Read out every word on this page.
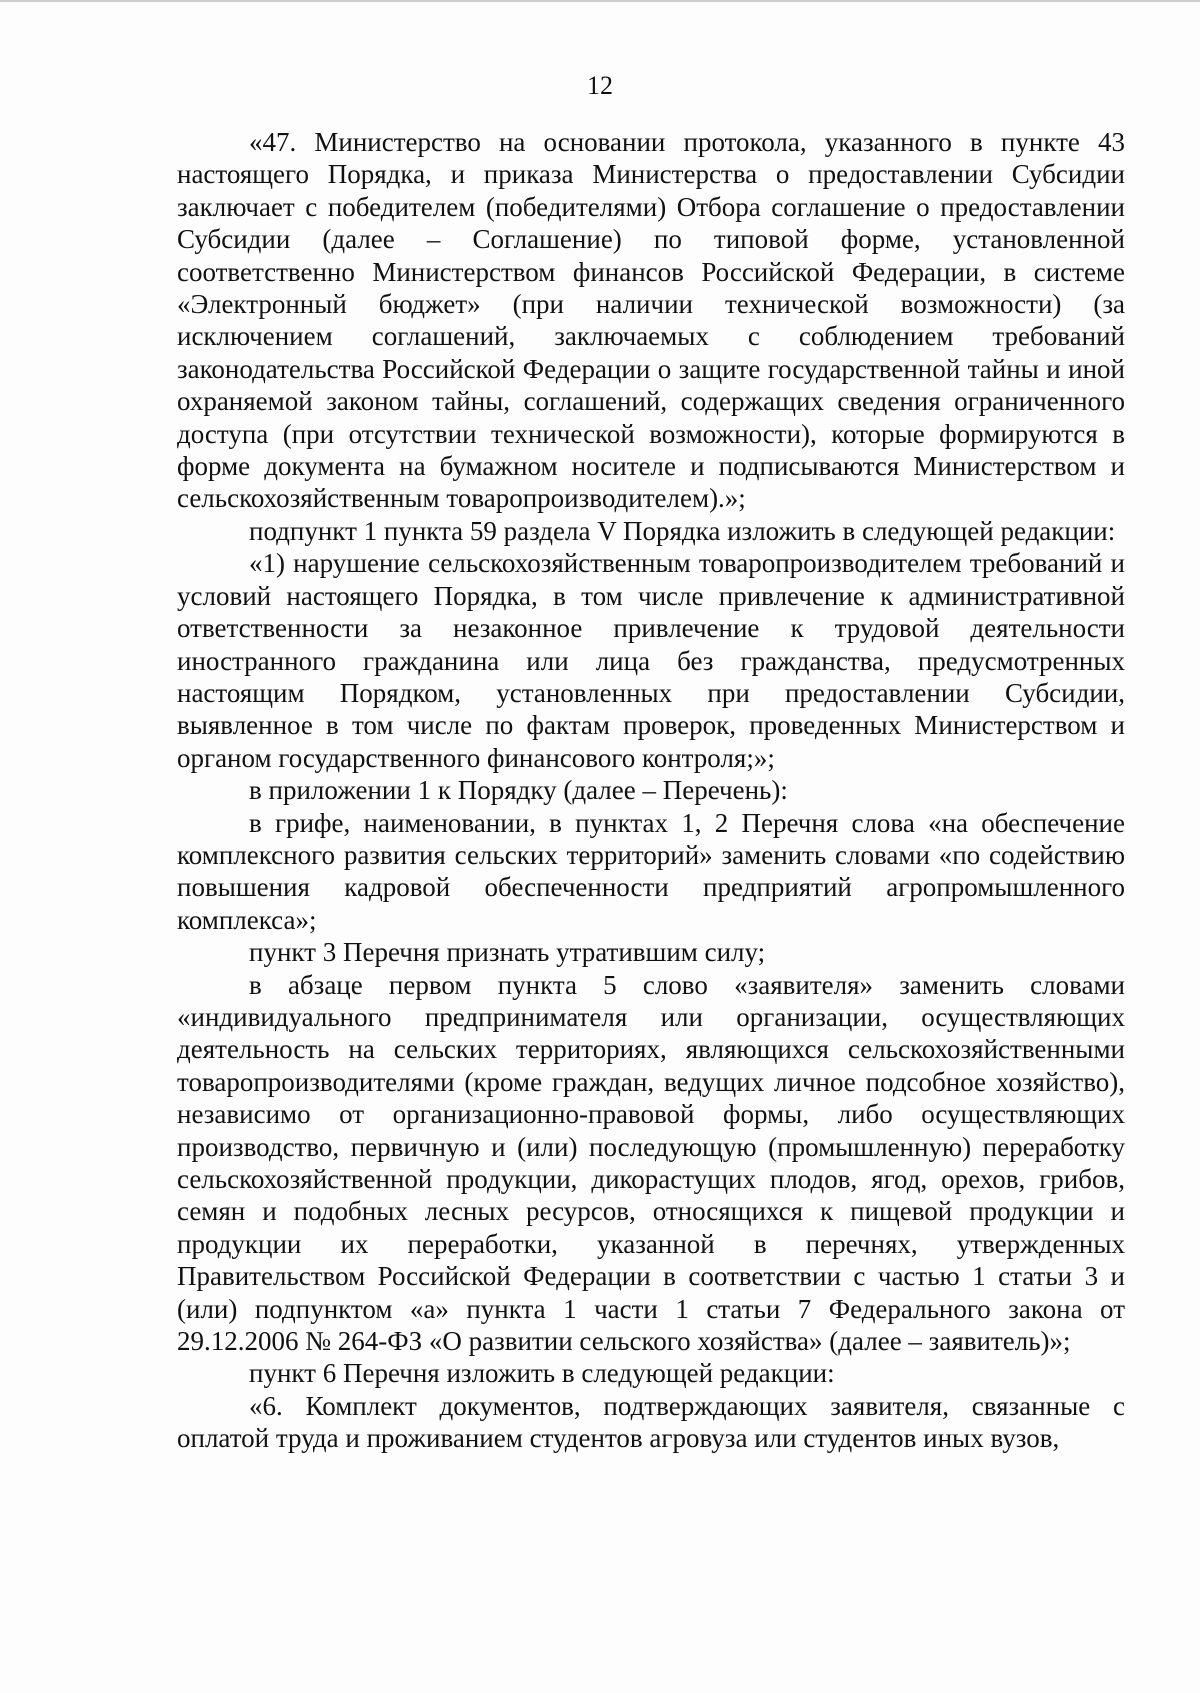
12

«47. Министерство на основании протокола, указанного в пункте 43 настоящего Порядка, и приказа Министерства о предоставлении Субсидии заключает с победителем (победителями) Отбора соглашение о предоставлении Субсидии (далее – Соглашение) по типовой форме, установленной соответственно Министерством финансов Российской Федерации, в системе «Электронный бюджет» (при наличии технической возможности) (за исключением соглашений, заключаемых с соблюдением требований законодательства Российской Федерации о защите государственной тайны и иной охраняемой законом тайны, соглашений, содержащих сведения ограниченного доступа (при отсутствии технической возможности), которые формируются в форме документа на бумажном носителе и подписываются Министерством и сельскохозяйственным товаропроизводителем).»;

подпункт 1 пункта 59 раздела V Порядка изложить в следующей редакции:

«1) нарушение сельскохозяйственным товаропроизводителем требований и условий настоящего Порядка, в том числе привлечение к административной ответственности за незаконное привлечение к трудовой деятельности иностранного гражданина или лица без гражданства, предусмотренных настоящим Порядком, установленных при предоставлении Субсидии, выявленное в том числе по фактам проверок, проведенных Министерством и органом государственного финансового контроля;»;

в приложении 1 к Порядку (далее – Перечень):

в грифе, наименовании, в пунктах 1, 2 Перечня слова «на обеспечение комплексного развития сельских территорий» заменить словами «по содействию повышения кадровой обеспеченности предприятий агропромышленного комплекса»;

пункт 3 Перечня признать утратившим силу;

в абзаце первом пункта 5 слово «заявителя» заменить словами «индивидуального предпринимателя или организации, осуществляющих деятельность на сельских территориях, являющихся сельскохозяйственными товаропроизводителями (кроме граждан, ведущих личное подсобное хозяйство), независимо от организационно-правовой формы, либо осуществляющих производство, первичную и (или) последующую (промышленную) переработку сельскохозяйственной продукции, дикорастущих плодов, ягод, орехов, грибов, семян и подобных лесных ресурсов, относящихся к пищевой продукции и продукции их переработки, указанной в перечнях, утвержденных Правительством Российской Федерации в соответствии с частью 1 статьи 3 и (или) подпунктом «а» пункта 1 части 1 статьи 7 Федерального закона от 29.12.2006 № 264-ФЗ «О развитии сельского хозяйства» (далее – заявитель)»;

пункт 6 Перечня изложить в следующей редакции:

«6. Комплект документов, подтверждающих заявителя, связанные с оплатой труда и проживанием студентов агровуза или студентов иных вузов,
